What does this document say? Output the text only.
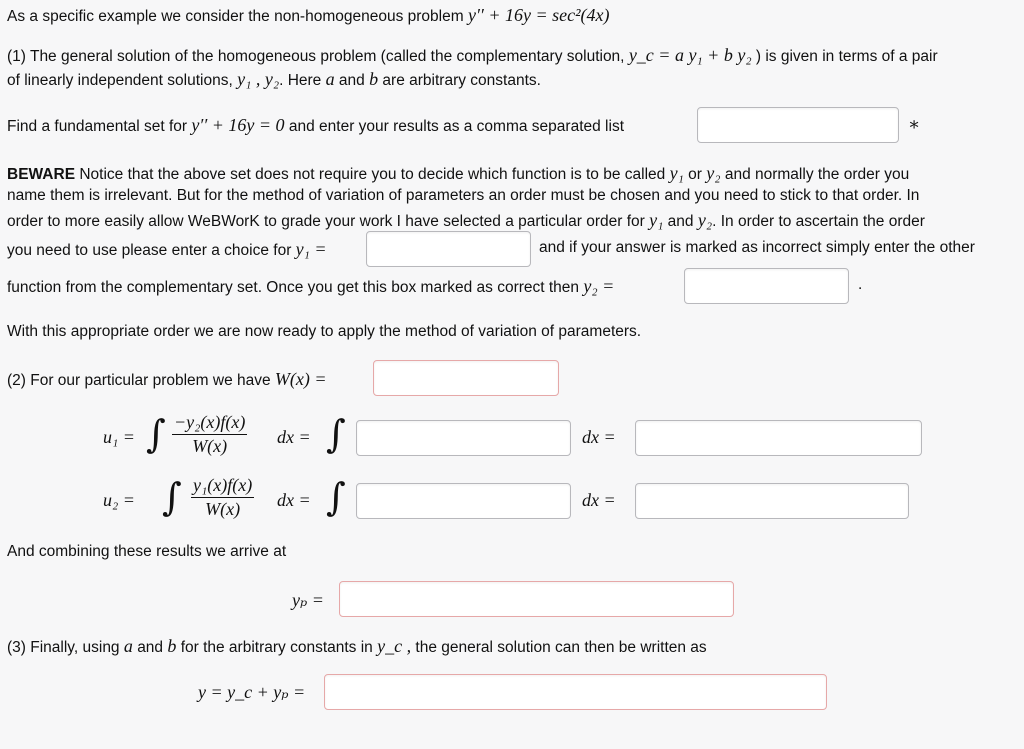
As a specific example we consider the non-homogeneous problem y′′ + 16y = sec²(4x)
(1) The general solution of the homogeneous problem (called the complementary solution, y_c = a y₁ + b y₂ ) is given in terms of a pair
of linearly independent solutions, y₁ , y₂. Here a and b are arbitrary constants.
Find a fundamental set for y′′ + 16y = 0 and enter your results as a comma separated list	∗
BEWARE Notice that the above set does not require you to decide which function is to be called y₁ or y₂ and normally the order you
name them is irrelevant. But for the method of variation of parameters an order must be chosen and you need to stick to that order. In
order to more easily allow WeBWorK to grade your work I have selected a particular order for y₁ and y₂. In order to ascertain the order
you need to use please enter a choice for y₁ =	and if your answer is marked as incorrect simply enter the other
function from the complementary set. Once you get this box marked as correct then y₂ =	.
With this appropriate order we are now ready to apply the method of variation of parameters.
(2) For our particular problem we have W(x) =
u₁ = ∫ $\frac{\text{−y₂(x)f(x)}}{W(x)}$ dx = ∫	dx =
u₂ = ∫ $\frac{\text{y₁(x)f(x)}}{W(x)}$ dx = ∫	dx =
And combining these results we arrive at
yₚ =
(3) Finally, using a and b for the arbitrary constants in y_c , the general solution can then be written as
y = y_c + yₚ =
